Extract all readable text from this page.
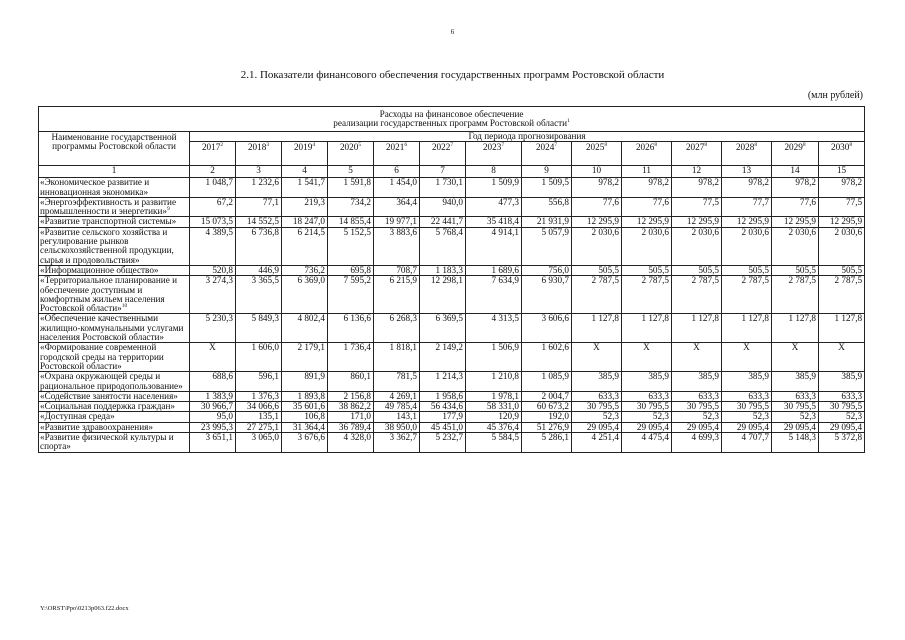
6
2.1. Показатели финансового обеспечения государственных программ Ростовской области
(млн рублей)
Расходы на финансовое обеспечение
реализации государственных программ Ростовской области$^1$
Наименование государственной программы Ростовской области	Год периода прогнозирования													
	2017$^2$	2018$^3$	2019$^4$	2020$^5$	2021$^6$	2022$^7$	2023$^7$	2024$^7$	2025$^8$	2026$^8$	2027$^8$	2028$^8$	2029$^8$	2030$^8$
1	2	3	4	5	6	7	8	9	10	11	12	13	14	15
«Экономическое развитие и инновационная экономика»	1 048,7	1 232,6	1 541,7	1 591,8	1 454,0	1 730,1	1 509,9	1 509,5	978,2	978,2	978,2	978,2	978,2	978,2
«Энергоэффективность и развитие промышленности и энергетики»$^9$	67,2	77,1	219,3	734,2	364,4	940,0	477,3	556,8	77,6	77,6	77,5	77,7	77,6	77,5
«Развитие транспортной системы»	15 073,5	14 552,5	18 247,0	14 855,4	19 977,1	22 441,7	35 418,4	21 931,9	12 295,9	12 295,9	12 295,9	12 295,9	12 295,9	12 295,9
«Развитие сельского хозяйства и регулирование рынков сельскохозяйственной продукции, сырья и продовольствия»	4 389,5	6 736,8	6 214,5	5 152,5	3 883,6	5 768,4	4 914,1	5 057,9	2 030,6	2 030,6	2 030,6	2 030,6	2 030,6	2 030,6
«Информационное общество»	520,8	446,9	736,2	695,8	708,7	1 183,3	1 689,6	756,0	505,5	505,5	505,5	505,5	505,5	505,5
«Территориальное планирование и обеспечение доступным и комфортным жильем населения Ростовской области»$^{10}$	3 274,3	3 365,5	6 369,0	7 595,2	6 215,9	12 298,1	7 634,9	6 930,7	2 787,5	2 787,5	2 787,5	2 787,5	2 787,5	2 787,5
«Обеспечение качественными жилищно-коммунальными услугами населения Ростовской области»	5 230,3	5 849,3	4 802,4	6 136,6	6 268,3	6 369,5	4 313,5	3 606,6	1 127,8	1 127,8	1 127,8	1 127,8	1 127,8	1 127,8
«Формирование современной городской среды на территории Ростовской области»	Х	1 606,0	2 179,1	1 736,4	1 818,1	2 149,2	1 506,9	1 602,6	Х	Х	Х	Х	Х	Х
«Охрана окружающей среды и рациональное природопользование»	688,6	596,1	891,9	860,1	781,5	1 214,3	1 210,8	1 085,9	385,9	385,9	385,9	385,9	385,9	385,9
«Содействие занятости населения»	1 383,9	1 376,3	1 893,8	2 156,8	4 269,1	1 958,6	1 978,1	2 004,7	633,3	633,3	633,3	633,3	633,3	633,3
«Социальная поддержка граждан»	30 966,7	34 066,6	35 601,6	38 862,2	49 785,4	56 434,6	58 331,0	60 673,2	30 795,5	30 795,5	30 795,5	30 795,5	30 795,5	30 795,5
«Доступная среда»	95,0	135,1	106,8	171,0	143,1	177,9	120,9	192,0	52,3	52,3	52,3	52,3	52,3	52,3
«Развитие здравоохранения»	23 995,3	27 275,1	31 364,4	36 789,4	38 950,0	45 451,0	45 376,4	51 276,9	29 095,4	29 095,4	29 095,4	29 095,4	29 095,4	29 095,4
«Развитие физической культуры и спорта»	3 651,1	3 065,0	3 676,6	4 328,0	3 362,7	5 232,7	5 584,5	5 286,1	4 251,4	4 475,4	4 699,3	4 707,7	5 148,3	5 372,8
Y:\ORST\Ppo\0213p063.f22.docx
